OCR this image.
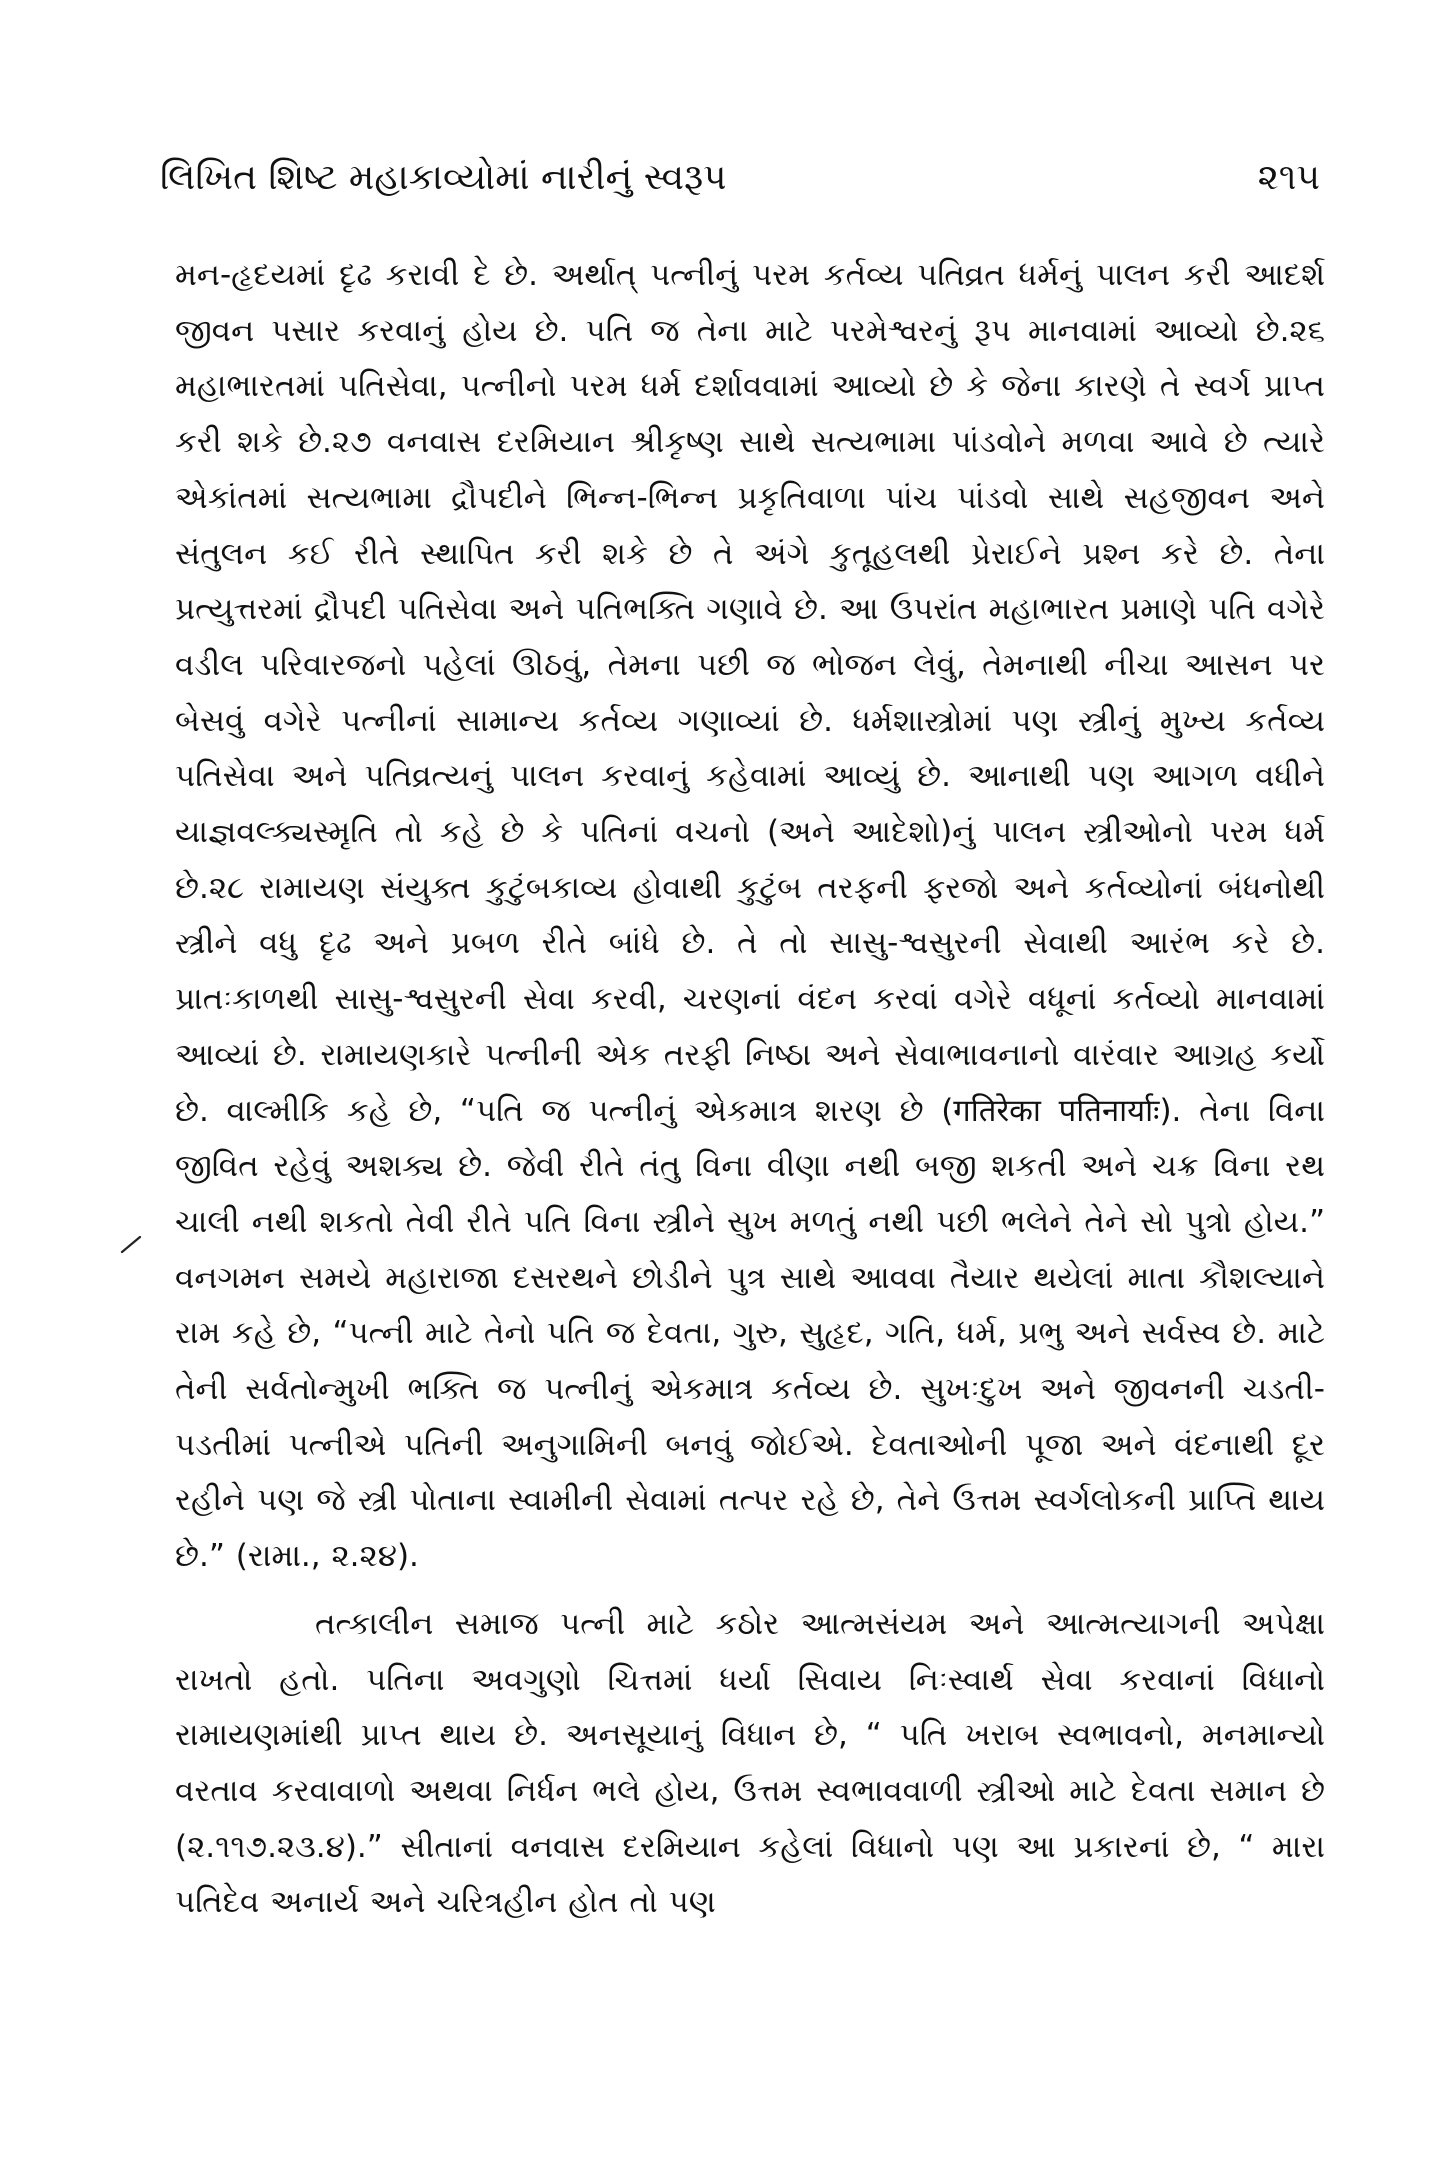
લિખિત શિષ્ટ મહાકાવ્યોમાં નારીનું સ્વરૂપ	૨૧૫

મન-હૃદયમાં દૃઢ કરાવી દે છે. અર્થાત્ પત્નીનું પરમ કર્તવ્ય પતિવ્રત ધર્મનું પાલન કરી આદર્શ જીવન પસાર કરવાનું હોય છે. પતિ જ તેના માટે પરમેશ્વરનું રૂપ માનવામાં આવ્યો છે.૨૬ મહાભારતમાં પતિસેવા, પત્નીનો પરમ ધર્મ દર્શાવવામાં આવ્યો છે કે જેના કારણે તે સ્વર્ગ પ્રાપ્ત કરી શકે છે.૨૭ વનવાસ દરમિયાન શ્રીકૃષ્ણ સાથે સત્યભામા પાંડવોને મળવા આવે છે ત્યારે એકાંતમાં સત્યભામા દ્રૌપદીને ભિન્ન-ભિન્ન પ્રકૃતિવાળા પાંચ પાંડવો સાથે સહજીવન અને સંતુલન કઈ રીતે સ્થાપિત કરી શકે છે તે અંગે કુતૂહલથી પ્રેરાઈને પ્રશ્ન કરે છે. તેના પ્રત્યુત્તરમાં દ્રૌપદી પતિસેવા અને પતિભક્તિ ગણાવે છે. આ ઉપરાંત મહાભારત પ્રમાણે પતિ વગેરે વડીલ પરિવારજનો પહેલાં ઊઠવું, તેમના પછી જ ભોજન લેવું, તેમનાથી નીચા આસન પર બેસવું વગેરે પત્નીનાં સામાન્ય કર્તવ્ય ગણાવ્યાં છે. ધર્મશાસ્ત્રોમાં પણ સ્ત્રીનું મુખ્ય કર્તવ્ય પતિસેવા અને પતિવ્રત્યનું પાલન કરવાનું કહેવામાં આવ્યું છે. આનાથી પણ આગળ વધીને યાજ્ઞવલ્ક્યસ્મૃતિ તો કહે છે કે પતિનાં વચનો (અને આદેશો)નું પાલન સ્ત્રીઓનો પરમ ધર્મ છે.૨૮ રામાયણ સંયુક્ત કુટુંબકાવ્ય હોવાથી કુટુંબ તરફની ફરજો અને કર્તવ્યોનાં બંધનોથી સ્ત્રીને વધુ દૃઢ અને પ્રબળ રીતે બાંધે છે. તે તો સાસુ-શ્વસુરની સેવાથી આરંભ કરે છે. પ્રાતઃકાળથી સાસુ-શ્વસુરની સેવા કરવી, ચરણનાં વંદન કરવાં વગેરે વધૂનાં કર્તવ્યો માનવામાં આવ્યાં છે. રામાયણકારે પત્નીની એક તરફી નિષ્ઠા અને સેવાભાવનાનો વારંવાર આગ્રહ કર્યો છે. વાલ્મીકિ કહે છે, “પતિ જ પત્નીનું એકમાત્ર શરણ છે (गतिरेका पतिनार्याः). તેના વિના જીવિત રહેવું અશક્ય છે. જેવી રીતે તંતુ વિના વીણા નથી બજી શકતી અને ચક્ર વિના રથ ચાલી નથી શકતો તેવી રીતે પતિ વિના સ્ત્રીને સુખ મળતું નથી પછી ભલેને તેને સો પુત્રો હોય.” વનગમન સમયે મહારાજા દસરથને છોડીને પુત્ર સાથે આવવા તૈયાર થયેલાં માતા કૌશલ્યાને રામ કહે છે, “પત્ની માટે તેનો પતિ જ દેવતા, ગુરુ, સુહૃદ, ગતિ, ધર્મ, પ્રભુ અને સર્વસ્વ છે. માટે તેની સર્વતોન્મુખી ભક્તિ જ પત્નીનું એકમાત્ર કર્તવ્ય છે. સુખઃદુખ અને જીવનની ચડતી-પડતીમાં પત્નીએ પતિની અનુગામિની બનવું જોઈએ. દેવતાઓની પૂજા અને વંદનાથી દૂર રહીને પણ જે સ્ત્રી પોતાના સ્વામીની સેવામાં તત્પર રહે છે, તેને ઉત્તમ સ્વર્ગલોકની પ્રાપ્તિ થાય છે.” (રામા., ૨.૨૪).

તત્કાલીન સમાજ પત્ની માટે કઠોર આત્મસંયમ અને આત્મત્યાગની અપેક્ષા રાખતો હતો. પતિના અવગુણો ચિત્તમાં ધર્યા સિવાય નિઃસ્વાર્થ સેવા કરવાનાં વિધાનો રામાયણમાંથી પ્રાપ્ત થાય છે. અનસૂયાનું વિધાન છે, “ પતિ ખરાબ સ્વભાવનો, મનમાન્યો વરતાવ કરવાવાળો અથવા નિર્ધન ભલે હોય, ઉત્તમ સ્વભાવવાળી સ્ત્રીઓ માટે દેવતા સમાન છે (૨.૧૧૭.૨૩.૪).” સીતાનાં વનવાસ દરમિયાન કહેલાં વિધાનો પણ આ પ્રકારનાં છે, “ મારા પતિદેવ અનાર્ય અને ચરિત્રહીન હોત તો પણ
